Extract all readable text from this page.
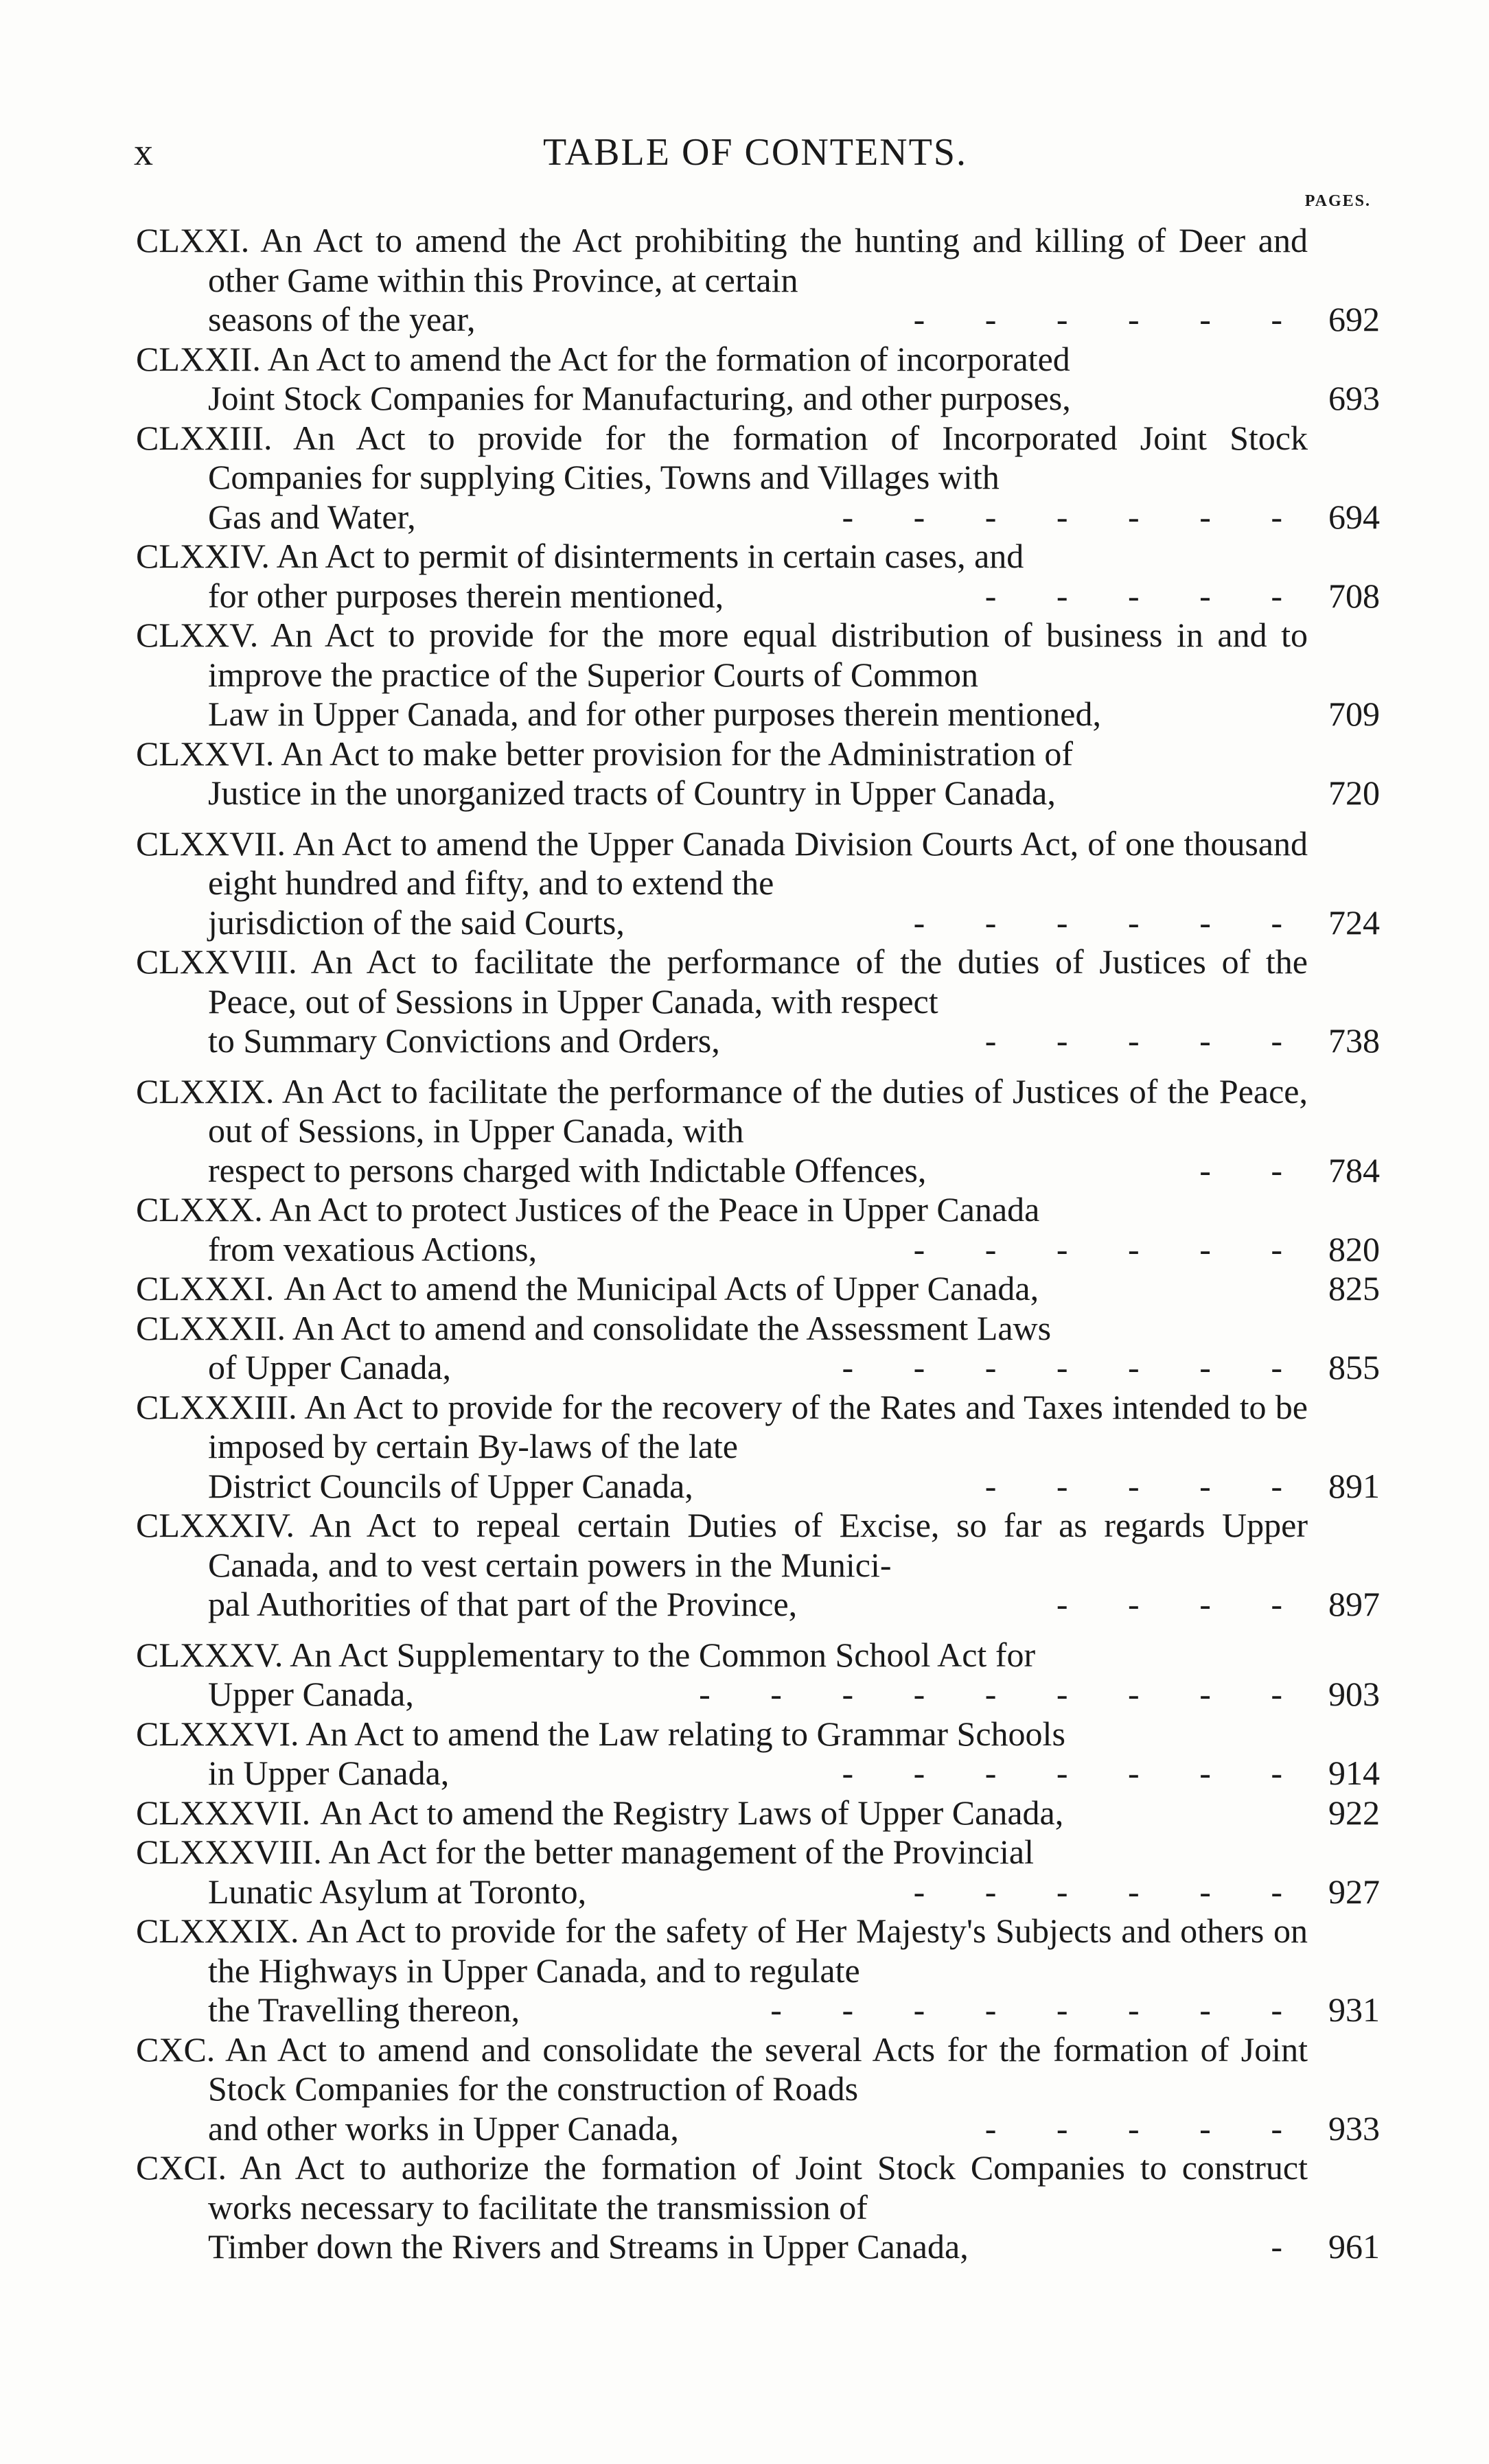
x	TABLE OF CONTENTS.
PAGES.
CLXXI. An Act to amend the Act prohibiting the hunting and killing of Deer and other Game within this Province, at certain
seasons of the year,	-       -       -       -       -       -	692
CLXXII. An Act to amend the Act for the formation of incorporated
Joint Stock Companies for Manufacturing, and other purposes,	693
CLXXIII. An Act to provide for the formation of Incorporated Joint Stock Companies for supplying Cities, Towns and Villages with
Gas and Water,	-       -       -       -       -       -       -	694
CLXXIV. An Act to permit of disinterments in certain cases, and
for other purposes therein mentioned,	-       -       -       -       -	708
CLXXV. An Act to provide for the more equal distribution of business in and to improve the practice of the Superior Courts of Common
Law in Upper Canada, and for other purposes therein mentioned,	709
CLXXVI. An Act to make better provision for the Administration of
Justice in the unorganized tracts of Country in Upper Canada,	720
CLXXVII. An Act to amend the Upper Canada Division Courts Act, of one thousand eight hundred and fifty, and to extend the
jurisdiction of the said Courts,	-       -       -       -       -       -	724
CLXXVIII. An Act to facilitate the performance of the duties of Justices of the Peace, out of Sessions in Upper Canada, with respect
to Summary Convictions and Orders,	-       -       -       -       -	738
CLXXIX. An Act to facilitate the performance of the duties of Justices of the Peace, out of Sessions, in Upper Canada, with
respect to persons charged with Indictable Offences,	-       -	784
CLXXX. An Act to protect Justices of the Peace in Upper Canada
from vexatious Actions,	-       -       -       -       -       -	820
CLXXXI. An Act to amend the Municipal Acts of Upper Canada,	825
CLXXXII. An Act to amend and consolidate the Assessment Laws
of Upper Canada,	-       -       -       -       -       -       -	855
CLXXXIII. An Act to provide for the recovery of the Rates and Taxes intended to be imposed by certain By-laws of the late
District Councils of Upper Canada,	-       -       -       -       -	891
CLXXXIV. An Act to repeal certain Duties of Excise, so far as regards Upper Canada, and to vest certain powers in the Munici-
pal Authorities of that part of the Province,	-       -       -       -	897
CLXXXV. An Act Supplementary to the Common School Act for
Upper Canada,	-       -       -       -       -       -       -       -       -	903
CLXXXVI. An Act to amend the Law relating to Grammar Schools
in Upper Canada,	-       -       -       -       -       -       -	914
CLXXXVII. An Act to amend the Registry Laws of Upper Canada,	922
CLXXXVIII. An Act for the better management of the Provincial
Lunatic Asylum at Toronto,	-       -       -       -       -       -	927
CLXXXIX. An Act to provide for the safety of Her Majesty's Subjects and others on the Highways in Upper Canada, and to regulate
the Travelling thereon,	-       -       -       -       -       -       -       -	931
CXC. An Act to amend and consolidate the several Acts for the formation of Joint Stock Companies for the construction of Roads
and other works in Upper Canada,	-       -       -       -       -	933
CXCI. An Act to authorize the formation of Joint Stock Companies to construct works necessary to facilitate the transmission of
Timber down the Rivers and Streams in Upper Canada,	-	961
